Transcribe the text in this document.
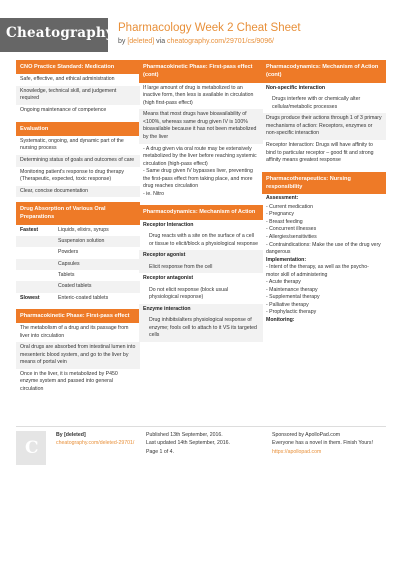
Cheatography Pharmacology Week 2 Cheat Sheet
by [deleted] via cheatography.com/29701/cs/9096/
CNO Practice Standard: Medication
Safe, effective, and ethical administration
Knowledge, technical skill, and judgement required
Ongoing maintenance of competence
Evaluation
Systematic, ongoing, and dynamic part of the nursing process
Determining status of goals and outcomes of care
Monitoring patient's response to drug therapy (Therapeutic, expected, toxic response)
Clear, concise documentation
Drug Absorption of Various Oral Preparations
Fastest	Liquids, elixirs, syrups
Suspension solution
Powders
Capsules
Tablets
Coated tablets
Slowest	Enteric-coated tablets
Pharmacokinetic Phase: First-pass effect
The metabolism of a drug and its passage from liver into circulation
Oral drugs are absorbed from intestinal lumen into mesenteric blood system, and go to the liver by means of portal vein
Once in the liver, it is metabolized by P450 enzyme system and passed into general circulation
Pharmacokinetic Phase: First-pass effect (cont)
If large amount of drug is metabolized to an inactive form, then less is available in circulation (high first-pass effect)
Means that most drugs have bioavailability of <100%, whereas same drug given IV is 100% bioavailable because it has not been metabolized by the liver
- A drug given via oral route may be extensively metabolized by the liver before reaching systemic circulation (high-pass effect)
- Same drug given IV bypasses liver, preventing the first-pass effect from taking place, and more drug reaches circulation
- ie. Nitro
Pharmacodynamics: Mechanism of Action
Receptor Interaction
Drug reacts with a site on the surface of a cell or tissue to elicit/block a physiological response
Receptor agonist
Elicit response from the cell
Receptor antagonist
Do not elicit response (block usual physiological response)
Enzyme interaction
Drug inhibits/alters physiological response of enzyme; fools cell to attach to it VS its targeted cells
Pharmacodynamics: Mechanism of Action (cont)
Non-specific interaction
Drugs interfere with or chemically alter cellular/metabolic processes
Drugs produce their actions through 1 of 3 primary mechanisms of action: Receptors, enzymes or non-specific interaction
Receptor Interaction: Drugs will have affinity to bind to particular receptor – good fit and strong affinity means greatest response
Pharmacotherapeutics: Nursing responsibility
Assessment:
- Current medication
- Pregnancy
- Breast feeding
- Concurrent illnesses
- Allergies/sensitivities
- Contraindications: Make the use of the drug very dangerous
Implementation:
- Intent of the therapy, as well as the psycho-motor skill of administering
- Acute therapy
- Maintenance therapy
- Supplemental therapy
- Palliative therapy
- Prophylactic therapy
Monitoring:
C
By [deleted]
cheatography.com/deleted-29701/
Published 13th September, 2016.
Last updated 14th September, 2016.
Page 1 of 4.
Sponsored by ApolloPad.com
Everyone has a novel in them. Finish Yours!
https://apollopad.com
